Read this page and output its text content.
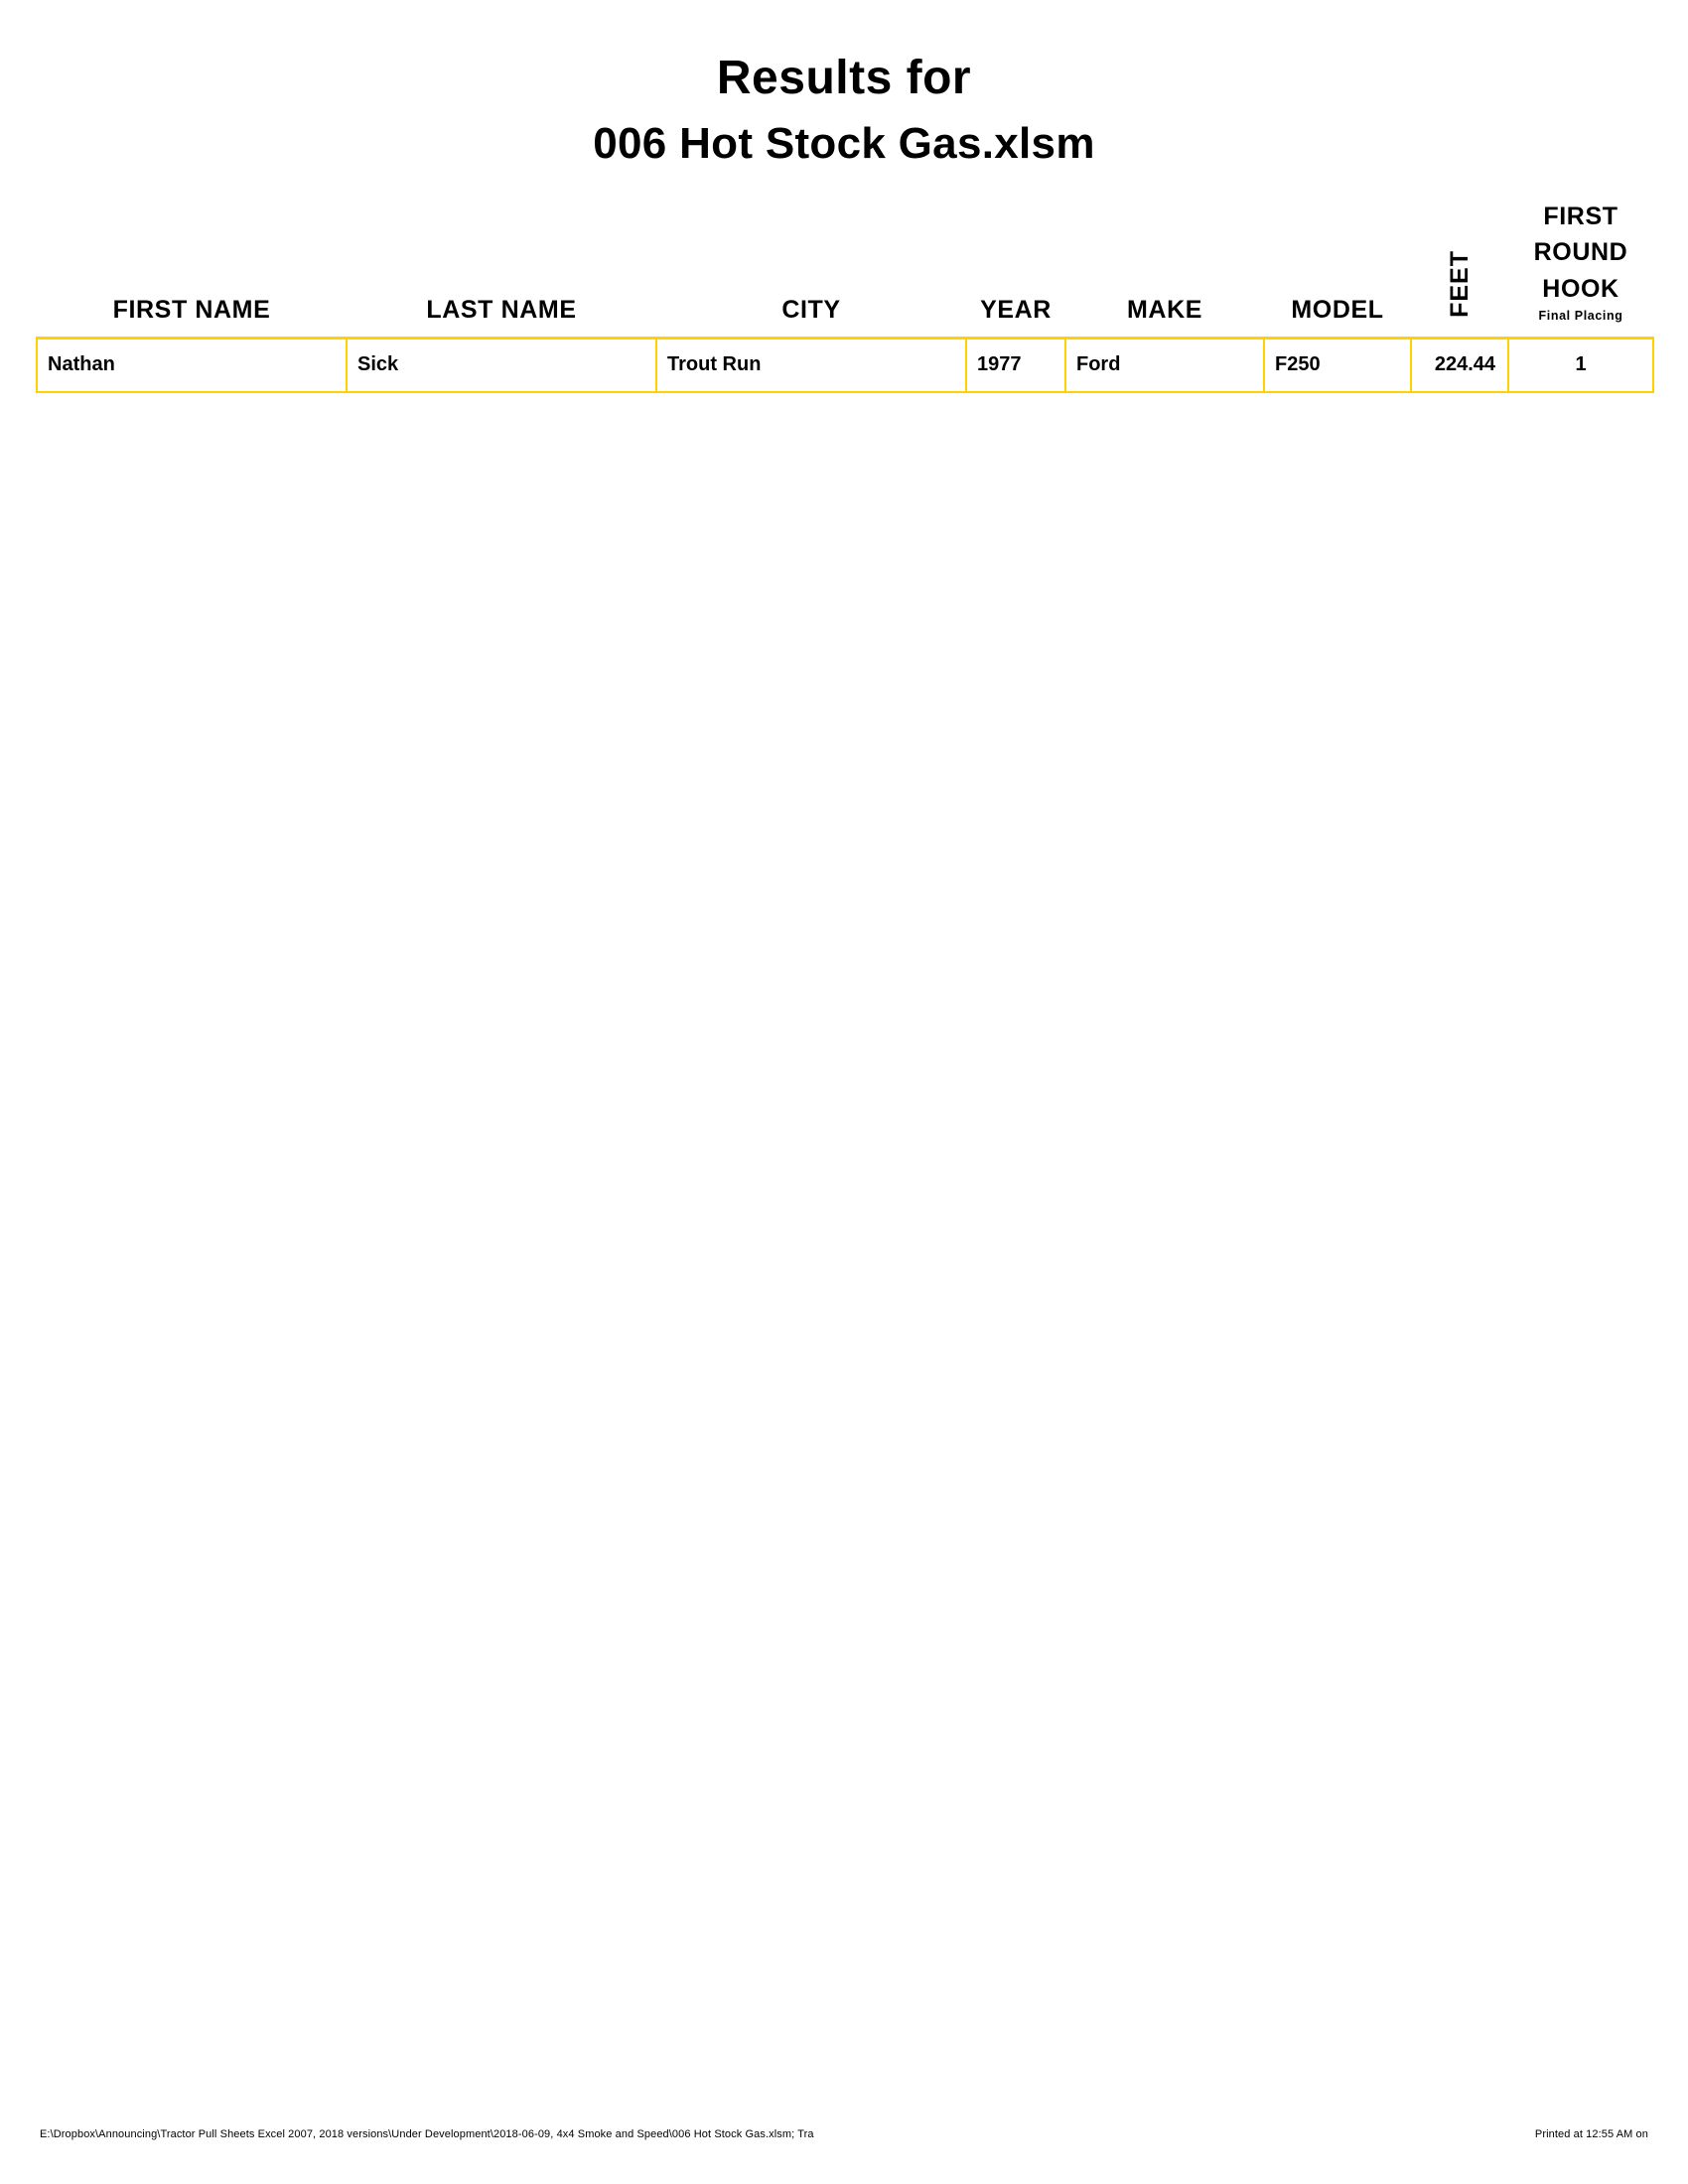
Results for
006 Hot Stock Gas.xlsm
FIRST NAME	LAST NAME	CITY	YEAR	MAKE	MODEL	FEET	FIRST ROUND
HOOK
Final Placing

Nathan	Sick	Trout Run	1977	Ford	F250	224.44	1
E:\Dropbox\Announcing\Tractor Pull Sheets Excel 2007, 2018 versions\Under Development\2018-06-09, 4x4 Smoke and Speed\006 Hot Stock Gas.xlsm; Tra	Printed at 12:55 AM on
